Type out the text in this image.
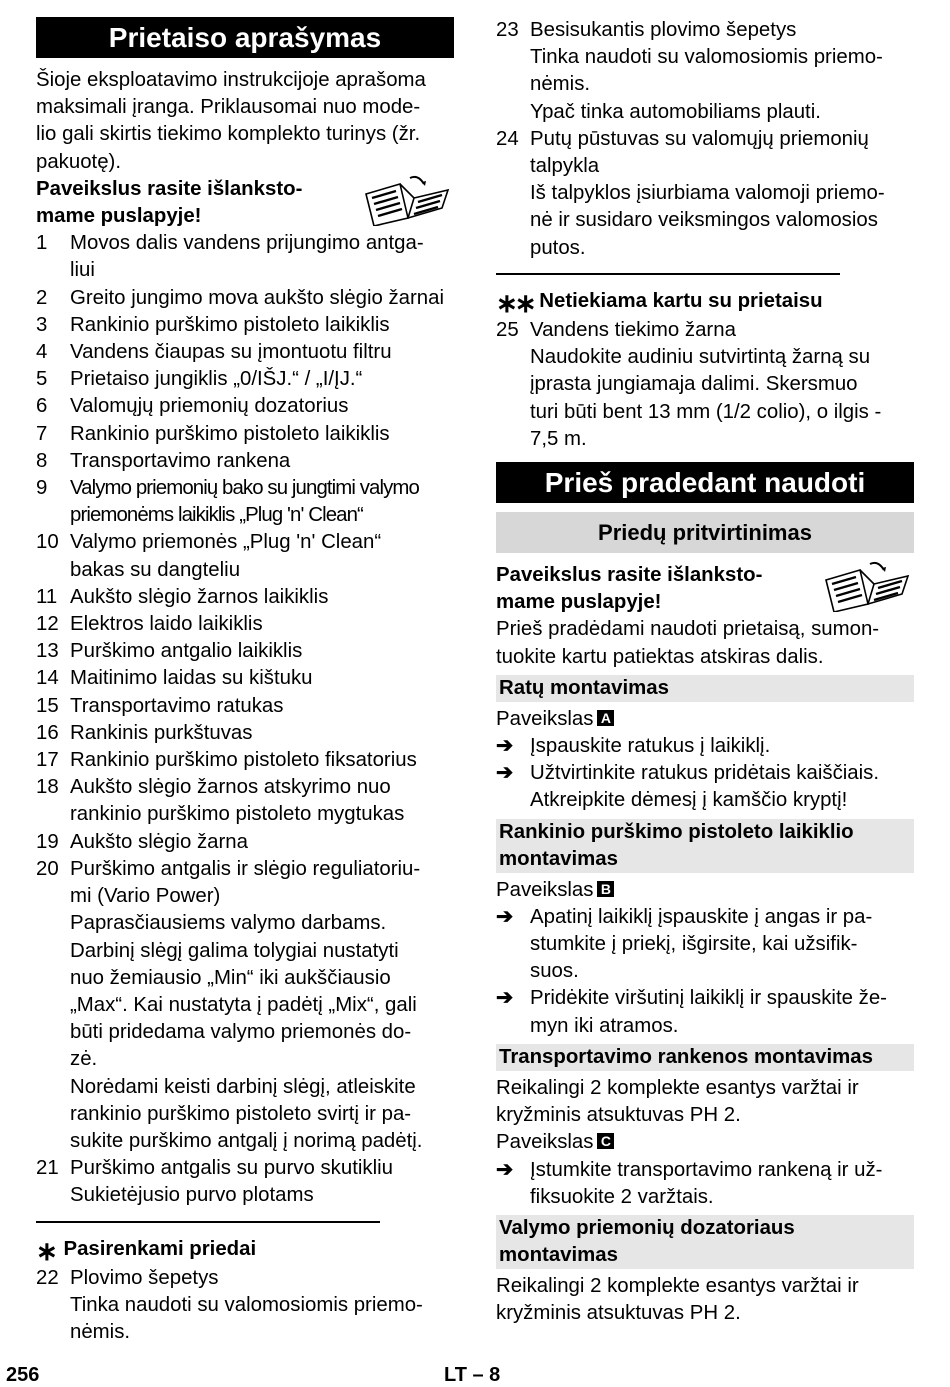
Prietaiso aprašymas
Šioje eksploatavimo instrukcijoje aprašoma
maksimali įranga. Priklausomai nuo mode-
lio gali skirtis tiekimo komplekto turinys (žr.
pakuotę).
Paveikslus rasite išlanksto-
mame puslapyje!
1	Movos dalis vandens prijungimo antga-
liui
2	Greito jungimo mova aukšto slėgio žarnai
3	Rankinio purškimo pistoleto laikiklis
4	Vandens čiaupas su įmontuotu filtru
5	Prietaiso jungiklis „0/IŠJ.“ / „I/ĮJ.“
6	Valomųjų priemonių dozatorius
7	Rankinio purškimo pistoleto laikiklis
8	Transportavimo rankena
9	Valymo priemonių bako su jungtimi valymo
priemonėms laikiklis „Plug 'n' Clean“
10 Valymo priemonės „Plug 'n' Clean“
bakas su dangteliu
11 Aukšto slėgio žarnos laikiklis
12 Elektros laido laikiklis
13 Purškimo antgalio laikiklis
14 Maitinimo laidas su kištuku
15 Transportavimo ratukas
16 Rankinis purkštuvas
17 Rankinio purškimo pistoleto fiksatorius
18 Aukšto slėgio žarnos atskyrimo nuo
rankinio purškimo pistoleto mygtukas
19 Aukšto slėgio žarna
20 Purškimo antgalis ir slėgio reguliatoriu-
mi (Vario Power)
Paprasčiausiems valymo darbams.
Darbinį slėgį galima tolygiai nustatyti
nuo žemiausio „Min“ iki aukščiausio
„Max“. Kai nustatyta į padėtį „Mix“, gali
būti pridedama valymo priemonės do-
zė.
Norėdami keisti darbinį slėgį, atleiskite
rankinio purškimo pistoleto svirtį ir pa-
sukite purškimo antgalį į norimą padėtį.
21 Purškimo antgalis su purvo skutikliu
Sukietėjusio purvo plotams
∗ Pasirenkami priedai
22 Plovimo šepetys
Tinka naudoti su valomosiomis priemo-
nėmis.
23 Besisukantis plovimo šepetys
Tinka naudoti su valomosiomis priemo-
nėmis.
Ypač tinka automobiliams plauti.
24 Putų pūstuvas su valomųjų priemonių
talpykla
Iš talpyklos įsiurbiama valomoji priemo-
nė ir susidaro veiksmingos valomosios
putos.
∗∗ Netiekiama kartu su prietaisu
25 Vandens tiekimo žarna
Naudokite audiniu sutvirtintą žarną su
įprasta jungiamaja dalimi. Skersmuo
turi būti bent 13 mm (1/2 colio), o ilgis -
7,5 m.
Prieš pradedant naudoti
Priedų pritvirtinimas
Paveikslus rasite išlanksto-
mame puslapyje!
Prieš pradėdami naudoti prietaisą, sumon-
tuokite kartu patiektas atskiras dalis.
Ratų montavimas
Paveikslas A
➔ Įspauskite ratukus į laikiklį.
➔ Užtvirtinkite ratukus pridėtais kaiščiais.
Atkreipkite dėmesį į kamščio kryptį!
Rankinio purškimo pistoleto laikiklio
montavimas
Paveikslas B
➔ Apatinį laikiklį įspauskite į angas ir pa-
stumkite į priekį, išgirsite, kai užsifik-
suos.
➔ Pridėkite viršutinį laikiklį ir spauskite že-
myn iki atramos.
Transportavimo rankenos montavimas
Reikalingi 2 komplekte esantys varžtai ir
kryžminis atsuktuvas PH 2.
Paveikslas C
➔ Įstumkite transportavimo rankeną ir už-
fiksuokite 2 varžtais.
Valymo priemonių dozatoriaus
montavimas
Reikalingi 2 komplekte esantys varžtai ir
kryžminis atsuktuvas PH 2.
256	LT – 8
